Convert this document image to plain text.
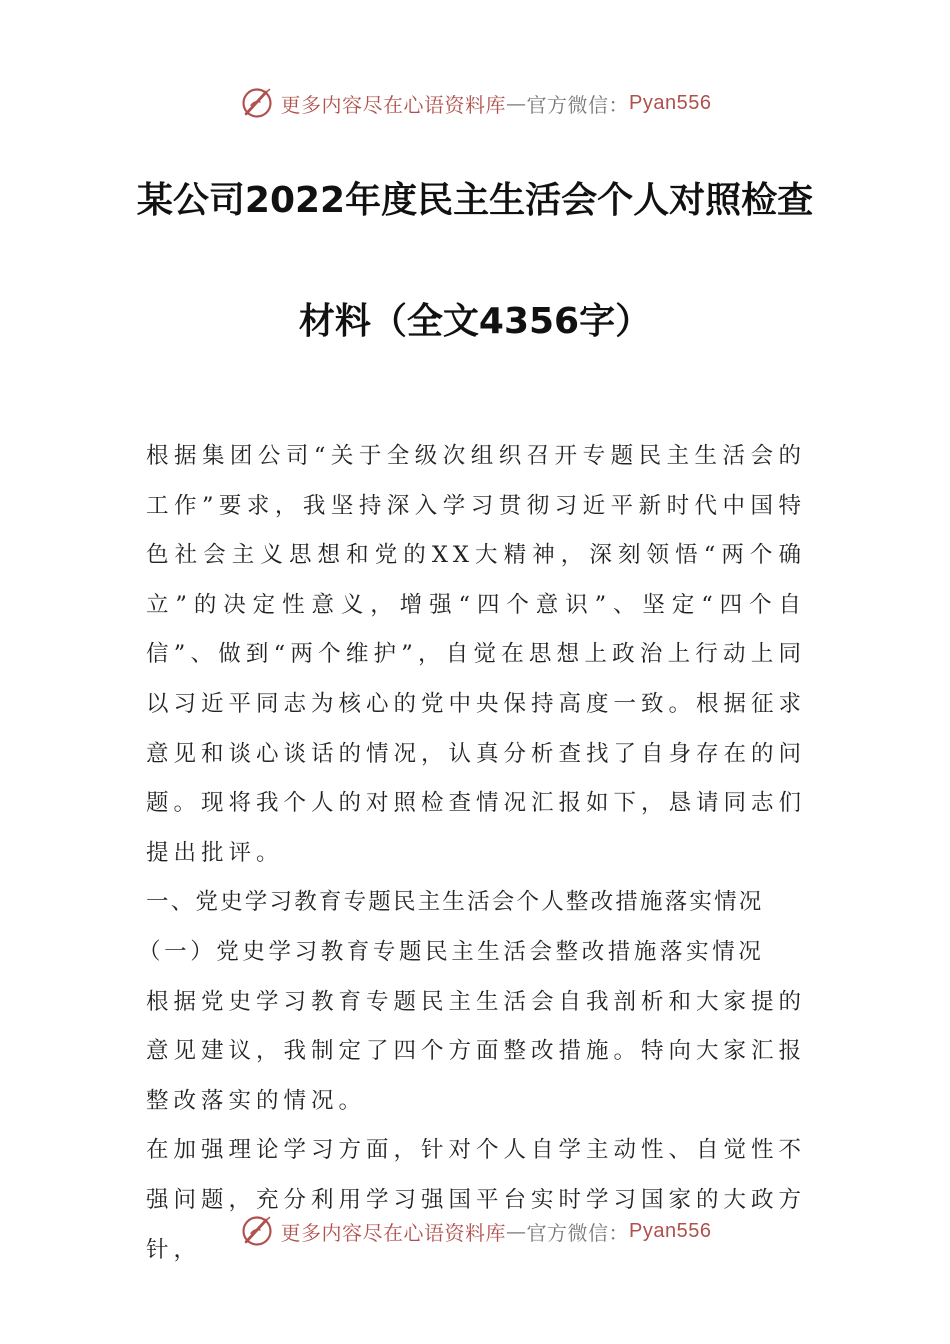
更多内容尽在心语资料库 — 官方微信： Pyan556
某公司2022年度民主生活会个人对照检查
材料（全文4356字）

根据集团公司“关于全级次组织召开专题民主生活会的工作”要求，我坚持深入学习贯彻习近平新时代中国特色社会主义思想和党的XX大精神，深刻领悟“两个确立”的决定性意义，增强“四个意识”、坚定“四个自信”、做到“两个维护”，自觉在思想上政治上行动上同以习近平同志为核心的党中央保持高度一致。根据征求意见和谈心谈话的情况，认真分析查找了自身存在的问题。现将我个人的对照检查情况汇报如下，恳请同志们提出批评。

一、党史学习教育专题民主生活会个人整改措施落实情况

（一）党史学习教育专题民主生活会整改措施落实情况

根据党史学习教育专题民主生活会自我剖析和大家提的意见建议，我制定了四个方面整改措施。特向大家汇报整改落实的情况。

在加强理论学习方面，针对个人自学主动性、自觉性不强问题，充分利用学习强国平台实时学习国家的大政方针，

更多内容尽在心语资料库 — 官方微信： Pyan556
